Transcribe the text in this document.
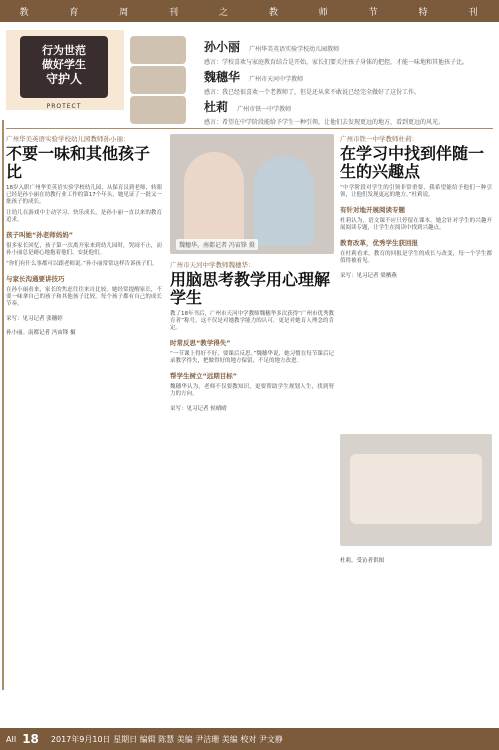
教	育	周	刊	之	教	师	节	特	刊
行为世范
做好学生
守护人
PROTECT
孙小丽 广州华美英语实验学校幼儿园教师
感言：学校喜欢与家庭教育结合是开始，家长们要关注孩子身体的把控，才能一味地和其他孩子比。
魏穗华 广州市天河中学教师
感言：我已经很喜欢一个老教师了，但是还从来不敢说已经完全做好了这份工作。
杜莉 广州市铁一中学教师
感言：希望在中学阶段能给予学生一种引领，让他们去发现更远的地方，看到更远的风光。
广州华美英语实验学校幼儿园教师孙小丽：
不要一味和其他孩子比
18岁入职广州华美英语实验学校幼儿园，从保育员到老师，转眼已经是孙小丽在幼教行业工作的第17个年头，她见证了一批又一批孩子的成长。
让幼儿在游戏中主动学习、快乐成长，是孙小丽一直以来的教育追求。
孩子叫她“孙老师妈妈”
很多家长回忆，孩子第一次离开家来到幼儿园时，哭闹不止，而孙小丽总是耐心地抱着他们、安抚他们。
“你们有什么事都可以跟老师说。”孙小丽常常这样告诉孩子们。
与家长沟通要讲技巧
在孙小丽看来，家长的焦虑往往来自比较。她经常提醒家长，不要一味拿自己的孩子和其他孩子比较，每个孩子都有自己的成长节奏。
采写：见习记者 张穗婷
孙小丽。南都记者 冯宙锋 摄
魏穗华。南都记者 冯宙锋 摄
广州市天河中学教师魏穗华：
用脑思考教学用心理解学生
教了18年书后，广州市天河中学教师魏穗华多次获得“广州市优秀教育者”称号，这不仅是对她教学能力的认可，更是对她育人理念的肯定。
时常反思“教学得失”
“一节课上得好不好，要课后反思。”魏穗华说，她习惯在每节课后记录教学得失，把做得好的地方保留，不足的地方改进。
帮学生树立“远期目标”
魏穗华认为，老师不仅要教知识，更要帮助学生规划人生，找到努力的方向。
采写：见习记者 侯晴晴
广州市铁一中学教师杜莉：
在学习中找到伴随一生的兴趣点
“中学阶段对学生的引领非常重要，我希望能给予他们一种引领，让他们发现更远的地方。”杜莉说。
有针对地开展阅读专题
杜莉认为，语文课不应只停留在课本，她会针对学生的兴趣开展阅读专题，让学生在阅读中找到兴趣点。
教育改革，优秀学生获回报
在杜莉看来，教育的回报是学生的成长与改变，每一个学生都值得被看见。
采写：见习记者 梁栖燕
杜莉。受访者供图
AII 18 2017年9月10日 星期日 编辑 陈慧 美编 尹洁珊 美编 校对 尹文静
